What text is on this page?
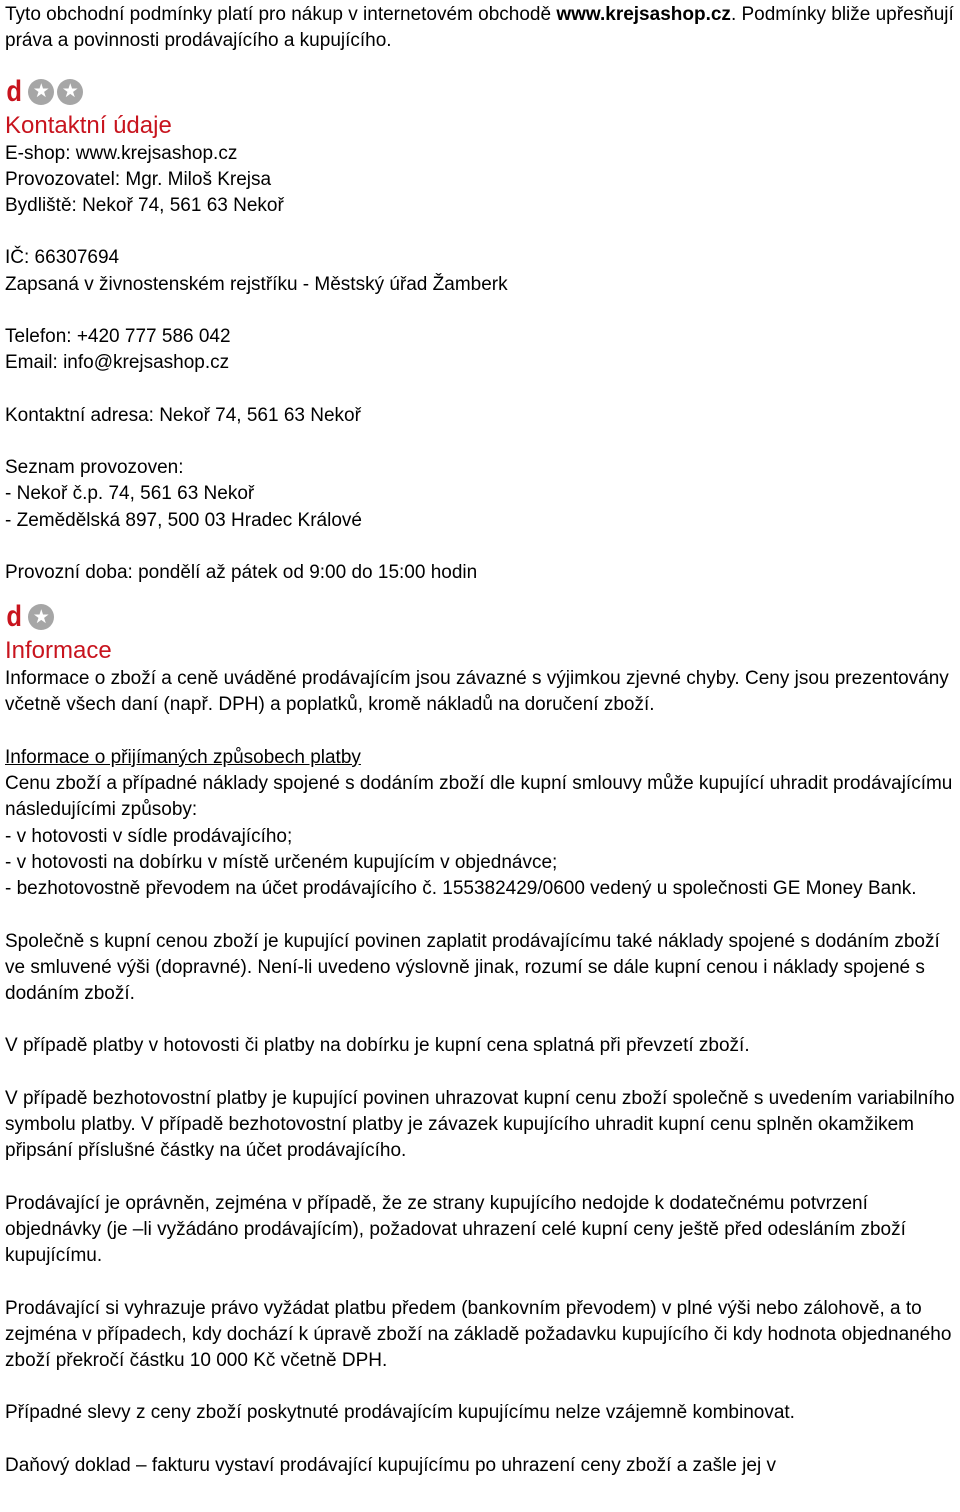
Tyto obchodní podmínky platí pro nákup v internetovém obchodě www.krejsashop.cz. Podmínky bliže upřesňují práva a povinnosti prodávajícího a kupujícího.

d ★ ★
Kontaktní údaje

E-shop: www.krejsashop.cz

Provozovatel: Mgr. Miloš Krejsa

Bydliště: Nekoř 74, 561 63 Nekoř

IČ: 66307694

Zapsaná v živnostenském rejstříku - Městský úřad Žamberk

Telefon: +420 777 586 042

Email: info@krejsashop.cz

Kontaktní adresa: Nekoř 74, 561 63 Nekoř

Seznam provozoven:

- Nekoř č.p. 74, 561 63 Nekoř

- Zemědělská 897, 500 03 Hradec Králové

Provozní doba: pondělí až pátek od 9:00 do 15:00 hodin

d ★
Informace

Informace o zboží a ceně uváděné prodávajícím jsou závazné s výjimkou zjevné chyby. Ceny jsou prezentovány včetně všech daní (např. DPH) a poplatků, kromě nákladů na doručení zboží.

Informace o přijímaných způsobech platby

Cenu zboží a případné náklady spojené s dodáním zboží dle kupní smlouvy může kupující uhradit prodávajícímu následujícími způsoby:

- v hotovosti v sídle prodávajícího;

- v hotovosti na dobírku v místě určeném kupujícím v objednávce;

- bezhotovostně převodem na účet prodávajícího č. 155382429/0600 vedený u společnosti GE Money Bank.

Společně s kupní cenou zboží je kupující povinen zaplatit prodávajícímu také náklady spojené s dodáním zboží ve smluvené výši (dopravné). Není-li uvedeno výslovně jinak, rozumí se dále kupní cenou i náklady spojené s dodáním zboží.

V případě platby v hotovosti či platby na dobírku je kupní cena splatná při převzetí zboží.

V případě bezhotovostní platby je kupující povinen uhrazovat kupní cenu zboží společně s uvedením variabilního symbolu platby. V případě bezhotovostní platby je závazek kupujícího uhradit kupní cenu splněn okamžikem připsání příslušné částky na účet prodávajícího.

Prodávající je oprávněn, zejména v případě, že ze strany kupujícího nedojde k dodatečnému potvrzení objednávky (je –li vyžádáno prodávajícím), požadovat uhrazení celé kupní ceny ještě před odesláním zboží kupujícímu.

Prodávající si vyhrazuje právo vyžádat platbu předem (bankovním převodem) v plné výši nebo zálohově, a to zejména v případech, kdy dochází k úpravě zboží na základě požadavku kupujícího či kdy hodnota objednaného zboží překročí částku 10 000 Kč včetně DPH.

Případné slevy z ceny zboží poskytnuté prodávajícím kupujícímu nelze vzájemně kombinovat.

Daňový doklad – fakturu vystaví prodávající kupujícímu po uhrazení ceny zboží a zašle jej v
